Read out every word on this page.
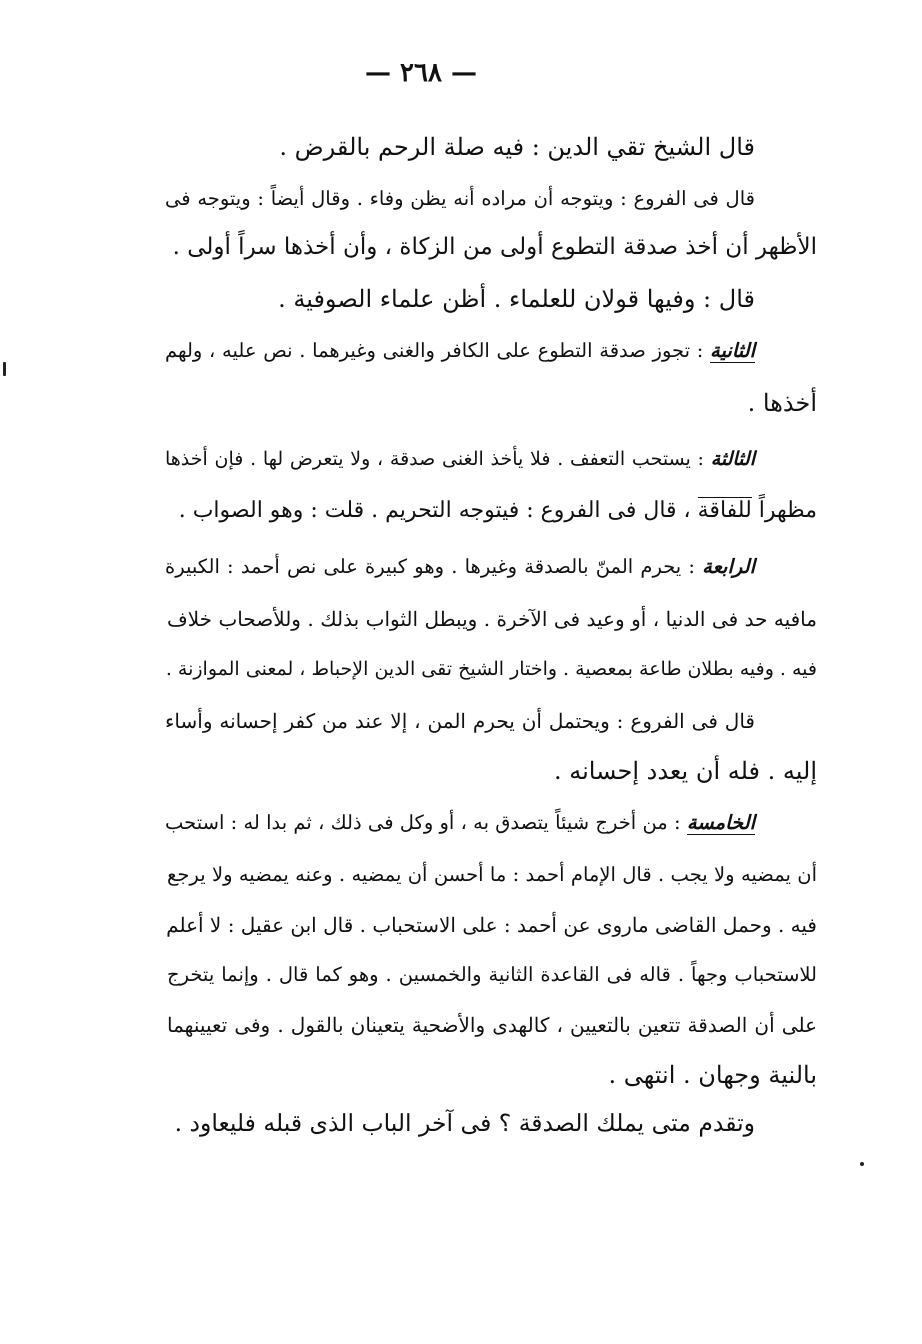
— ٢٦٨ —
قال الشيخ تقي الدين : فيه صلة الرحم بالقرض .
قال فى الفروع : ويتوجه أن مراده أنه يظن وفاء . وقال أيضاً : ويتوجه فى
الأظهر أن أخذ صدقة التطوع أولى من الزكاة ، وأن أخذها سراً أولى .
قال : وفيها قولان للعلماء . أظن علماء الصوفية .
الثانية : تجوز صدقة التطوع على الكافر والغنى وغيرهما . نص عليه ، ولهم
أخذها .
الثالثة : يستحب التعفف . فلا يأخذ الغنى صدقة ، ولا يتعرض لها . فإن أخذها
مظهراً للفاقة ، قال فى الفروع : فيتوجه التحريم . قلت : وهو الصواب .
الرابعة : يحرم المنّ بالصدقة وغيرها . وهو كبيرة على نص أحمد : الكبيرة
مافيه حد فى الدنيا ، أو وعيد فى الآخرة . ويبطل الثواب بذلك . وللأصحاب خلاف
فيه . وفيه بطلان طاعة بمعصية . واختار الشيخ تقى الدين الإحباط ، لمعنى الموازنة .
قال فى الفروع : ويحتمل أن يحرم المن ، إلا عند من كفر إحسانه وأساء
إليه . فله أن يعدد إحسانه .
الخامسة : من أخرج شيئاً يتصدق به ، أو وكل فى ذلك ، ثم بدا له : استحب
أن يمضيه ولا يجب . قال الإمام أحمد : ما أحسن أن يمضيه . وعنه يمضيه ولا يرجع
فيه . وحمل القاضى ماروى عن أحمد : على الاستحباب . قال ابن عقيل : لا أعلم
للاستحباب وجهاً . قاله فى القاعدة الثانية والخمسين . وهو كما قال . وإنما يتخرج
على أن الصدقة تتعين بالتعيين ، كالهدى والأضحية يتعينان بالقول . وفى تعيينهما
بالنية وجهان . انتهى .
وتقدم متى يملك الصدقة ؟ فى آخر الباب الذى قبله فليعاود .
